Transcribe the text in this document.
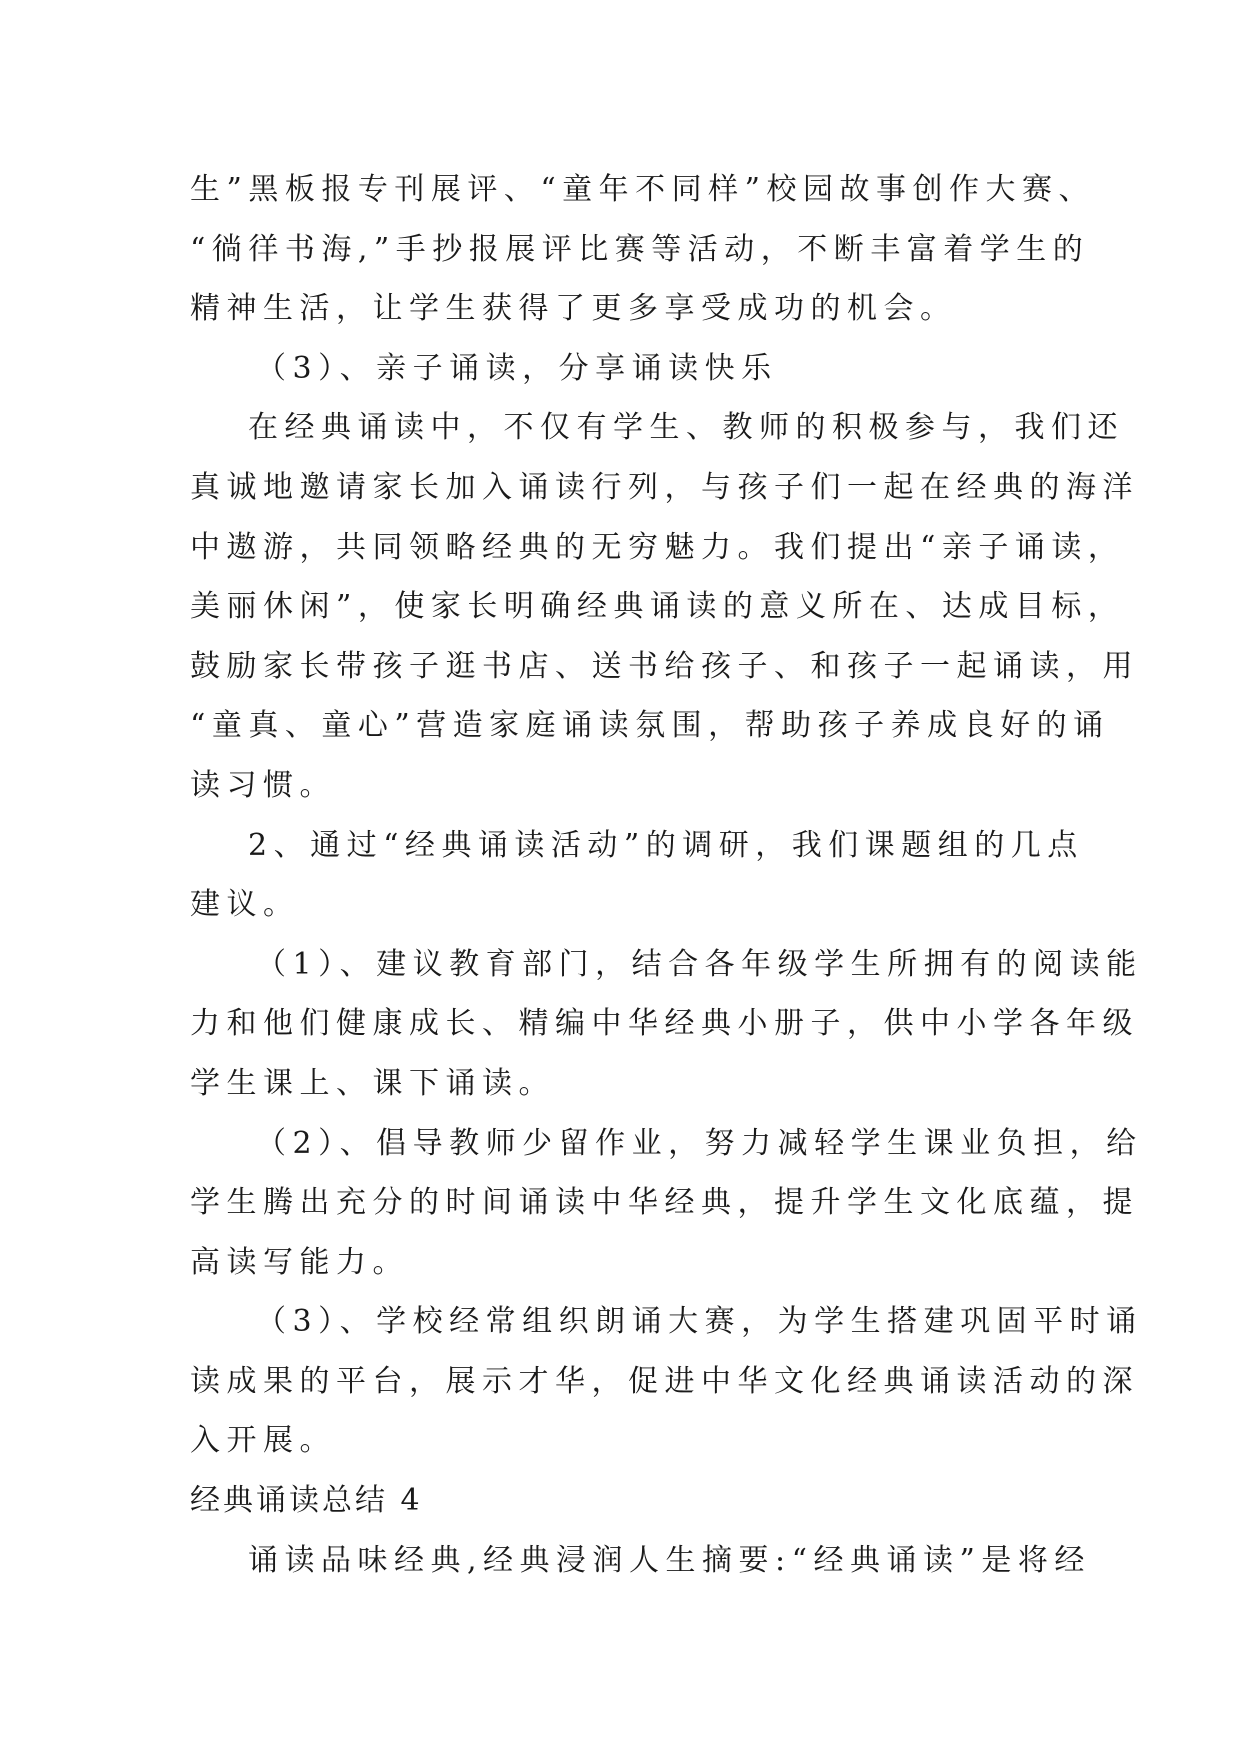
生”黑板报专刊展评、“童年不同样”校园故事创作大赛、
“徜徉书海,”手抄报展评比赛等活动，不断丰富着学生的
精神生活，让学生获得了更多享受成功的机会。
（3）、亲子诵读，分享诵读快乐
在经典诵读中，不仅有学生、教师的积极参与，我们还
真诚地邀请家长加入诵读行列，与孩子们一起在经典的海洋
中遨游，共同领略经典的无穷魅力。我们提出“亲子诵读，
美丽休闲”，使家长明确经典诵读的意义所在、达成目标，
鼓励家长带孩子逛书店、送书给孩子、和孩子一起诵读，用
“童真、童心”营造家庭诵读氛围，帮助孩子养成良好的诵
读习惯。
2、通过“经典诵读活动”的调研，我们课题组的几点
建议。
（1）、建议教育部门，结合各年级学生所拥有的阅读能
力和他们健康成长、精编中华经典小册子，供中小学各年级
学生课上、课下诵读。
（2）、倡导教师少留作业，努力减轻学生课业负担，给
学生腾出充分的时间诵读中华经典，提升学生文化底蕴，提
高读写能力。
（3）、学校经常组织朗诵大赛，为学生搭建巩固平时诵
读成果的平台，展示才华，促进中华文化经典诵读活动的深
入开展。
经典诵读总结 4
诵读品味经典,经典浸润人生摘要:“经典诵读”是将经
